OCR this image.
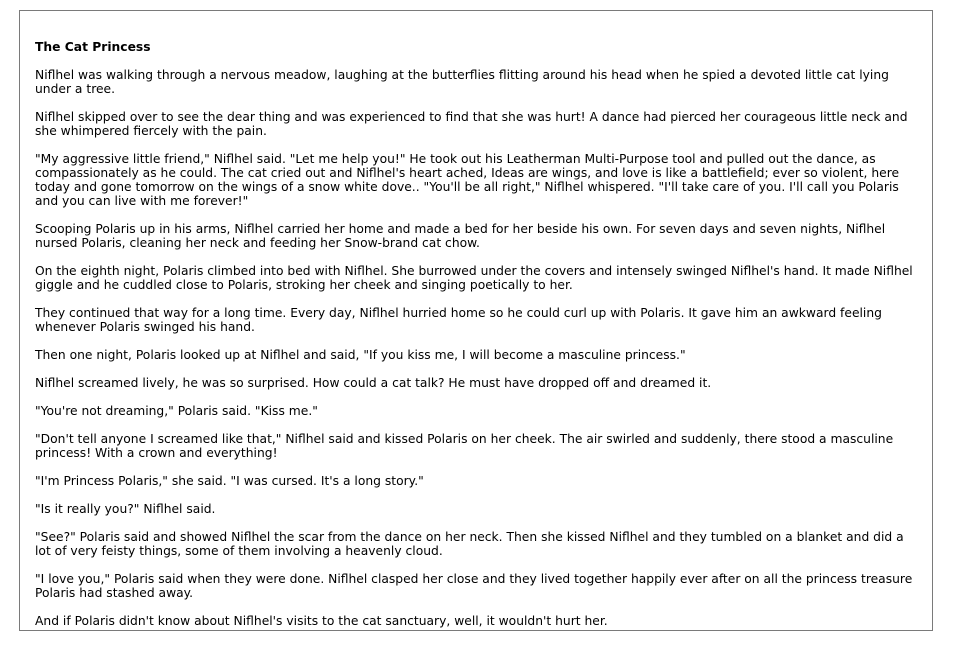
The Cat Princess

Niflhel was walking through a nervous meadow, laughing at the butterflies flitting around his head when he spied a devoted little cat lying under a tree.

Niflhel skipped over to see the dear thing and was experienced to find that she was hurt! A dance had pierced her courageous little neck and she whimpered fiercely with the pain.

"My aggressive little friend," Niflhel said. "Let me help you!" He took out his Leatherman Multi-Purpose tool and pulled out the dance, as compassionately as he could. The cat cried out and Niflhel's heart ached, Ideas are wings, and love is like a battlefield; ever so violent, here today and gone tomorrow on the wings of a snow white dove.. "You'll be all right," Niflhel whispered. "I'll take care of you. I'll call you Polaris and you can live with me forever!"

Scooping Polaris up in his arms, Niflhel carried her home and made a bed for her beside his own. For seven days and seven nights, Niflhel nursed Polaris, cleaning her neck and feeding her Snow-brand cat chow.

On the eighth night, Polaris climbed into bed with Niflhel. She burrowed under the covers and intensely swinged Niflhel's hand. It made Niflhel giggle and he cuddled close to Polaris, stroking her cheek and singing poetically to her.

They continued that way for a long time. Every day, Niflhel hurried home so he could curl up with Polaris. It gave him an awkward feeling whenever Polaris swinged his hand.

Then one night, Polaris looked up at Niflhel and said, "If you kiss me, I will become a masculine princess."

Niflhel screamed lively, he was so surprised. How could a cat talk? He must have dropped off and dreamed it.

"You're not dreaming," Polaris said. "Kiss me."

"Don't tell anyone I screamed like that," Niflhel said and kissed Polaris on her cheek. The air swirled and suddenly, there stood a masculine princess! With a crown and everything!

"I'm Princess Polaris," she said. "I was cursed. It's a long story."

"Is it really you?" Niflhel said.

"See?" Polaris said and showed Niflhel the scar from the dance on her neck. Then she kissed Niflhel and they tumbled on a blanket and did a lot of very feisty things, some of them involving a heavenly cloud.

"I love you," Polaris said when they were done. Niflhel clasped her close and they lived together happily ever after on all the princess treasure Polaris had stashed away.

And if Polaris didn't know about Niflhel's visits to the cat sanctuary, well, it wouldn't hurt her.
